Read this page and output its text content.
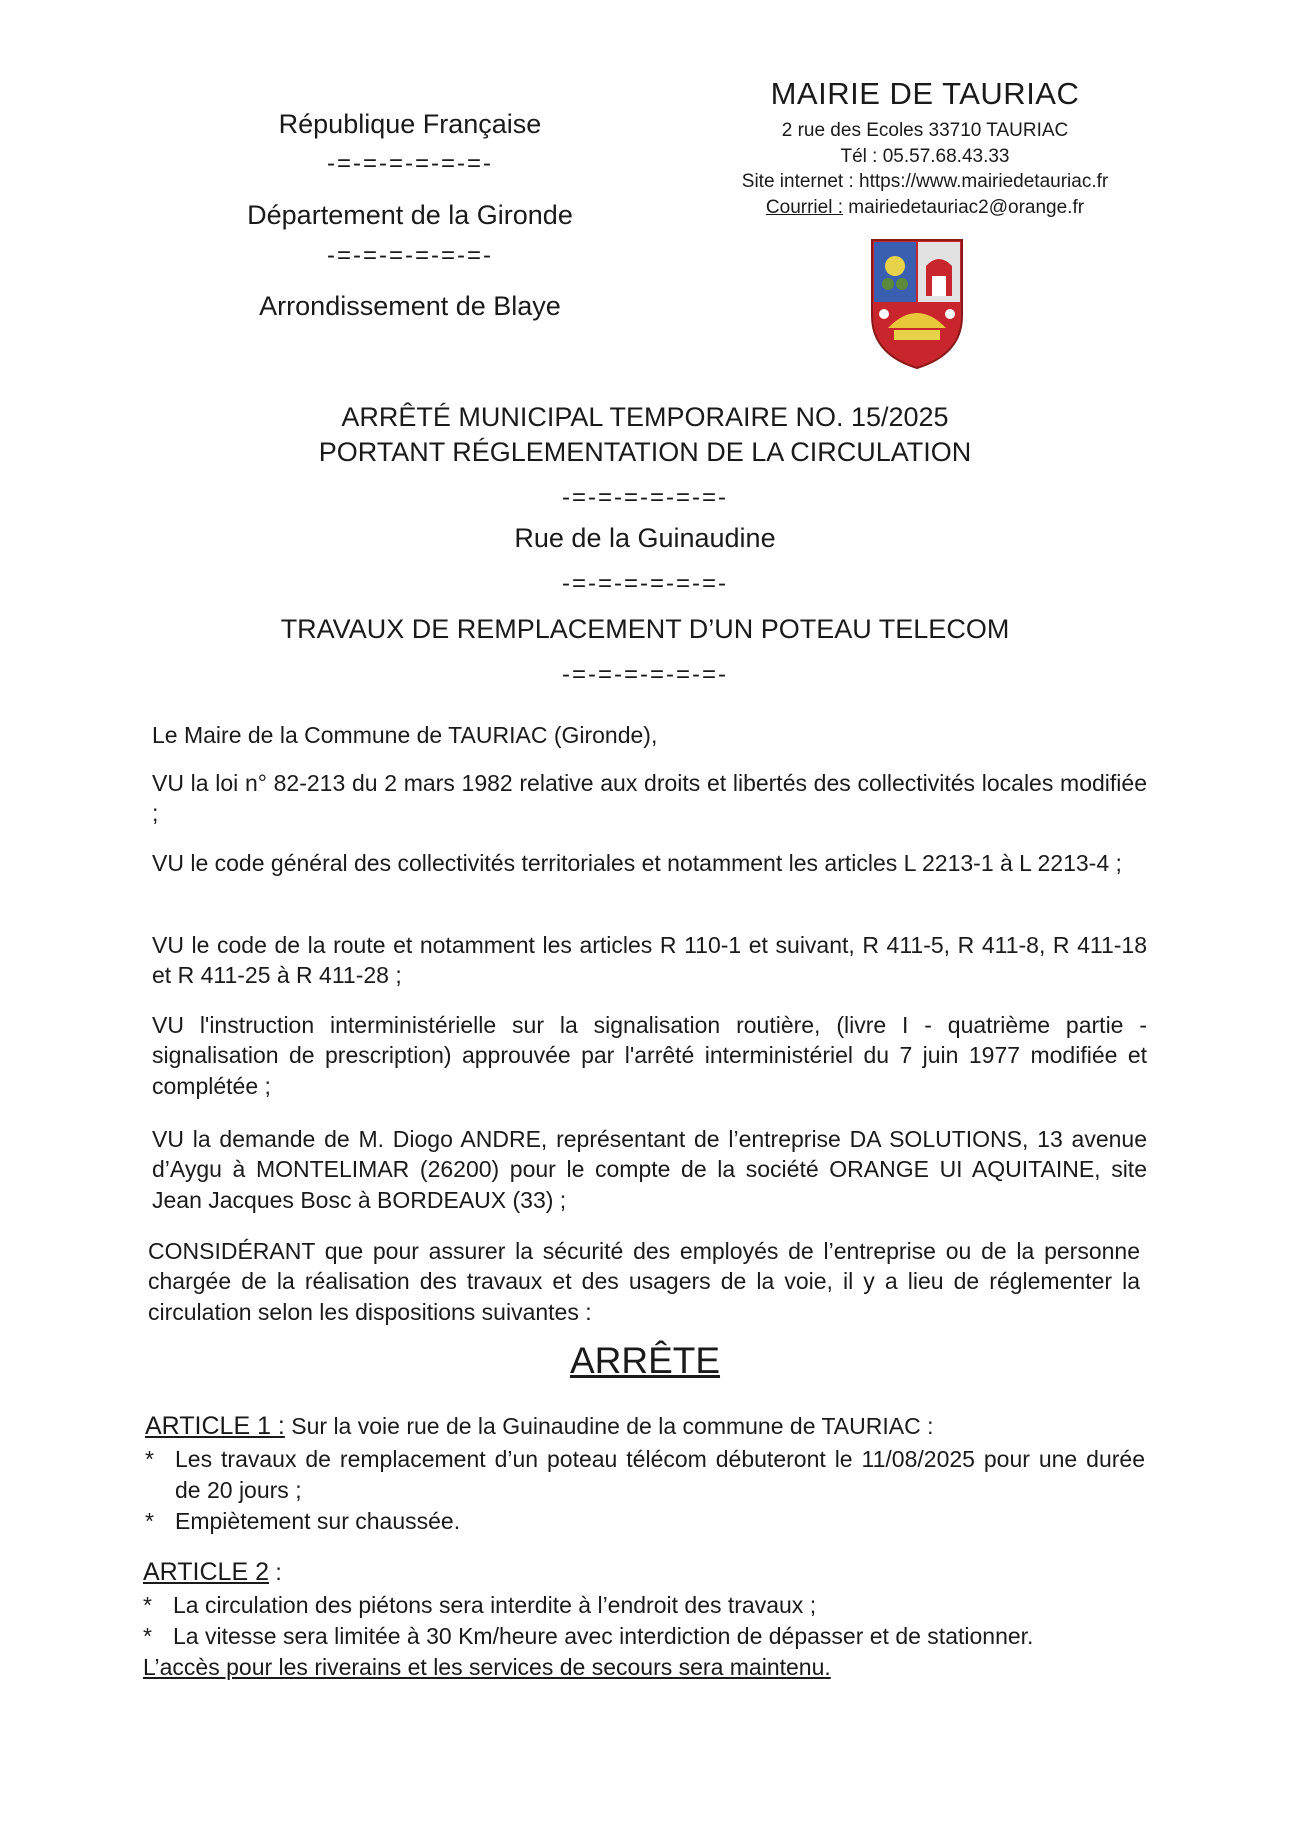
République Française

-=-=-=-=-=-=-

Département de la Gironde

-=-=-=-=-=-=-

Arrondissement de Blaye

MAIRIE DE TAURIAC
2 rue des Ecoles 33710 TAURIAC
Tél : 05.57.68.43.33
Site internet : https://www.mairiedetauriac.fr
Courriel : mairiedetauriac2@orange.fr

ARRÊTÉ MUNICIPAL TEMPORAIRE NO. 15/2025

PORTANT RÉGLEMENTATION DE LA CIRCULATION

-=-=-=-=-=-=-

Rue de la Guinaudine

-=-=-=-=-=-=-

TRAVAUX DE REMPLACEMENT D’UN POTEAU TELECOM

-=-=-=-=-=-=-

Le Maire de la Commune de TAURIAC (Gironde),
VU la loi n° 82-213 du 2 mars 1982 relative aux droits et libertés des collectivités locales modifiée ;
VU le code général des collectivités territoriales et notamment les articles L 2213-1 à L 2213-4 ;
VU le code de la route et notamment les articles R 110-1 et suivant, R 411-5, R 411-8, R 411-18 et R 411-25 à R 411-28 ;
VU l'instruction interministérielle sur la signalisation routière, (livre I - quatrième partie - signalisation de prescription) approuvée par l'arrêté interministériel du 7 juin 1977 modifiée et complétée ;
VU la demande de M. Diogo ANDRE, représentant de l’entreprise DA SOLUTIONS, 13 avenue d’Aygu à MONTELIMAR (26200) pour le compte de la société ORANGE UI AQUITAINE, site Jean Jacques Bosc à BORDEAUX (33) ;
CONSIDÉRANT que pour assurer la sécurité des employés de l’entreprise ou de la personne chargée de la réalisation des travaux et des usagers de la voie, il y a lieu de réglementer la circulation selon les dispositions suivantes :
ARRÊTE
ARTICLE 1 : Sur la voie rue de la Guinaudine de la commune de TAURIAC :
* Les travaux de remplacement d’un poteau télécom débuteront le 11/08/2025 pour une durée de 20 jours ;
* Empiètement sur chaussée.
ARTICLE 2 :
* La circulation des piétons sera interdite à l’endroit des travaux ;
* La vitesse sera limitée à 30 Km/heure avec interdiction de dépasser et de stationner.
L’accès pour les riverains et les services de secours sera maintenu.
